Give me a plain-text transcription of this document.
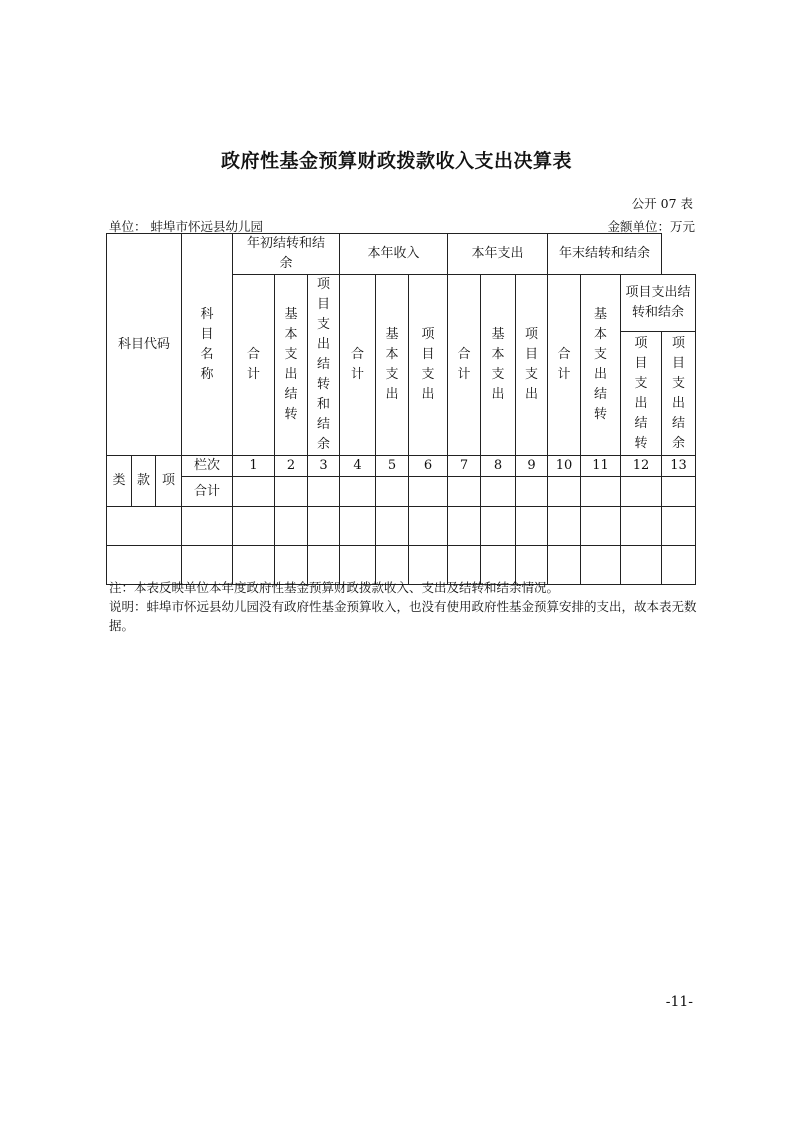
政府性基金预算财政拨款收入支出决算表
公开 07 表
单位： 蚌埠市怀远县幼儿园	金额单位：万元
科目代码			科目名称	年初结转和结余			本年收入			本年支出			年末结转和结余			
				合计	基本支出结转	项目支出结转和结余	合计	基本支出	项目支出	合计	基本支出	项目支出	合计	基本支出结转	项目支出结转和结余	
															项目支出结转	项目支出结余
类	款	项	栏次	1	2	3	4	5	6	7	8	9	10	11	12	13
			合计													

注：本表反映单位本年度政府性基金预算财政拨款收入、支出及结转和结余情况。

说明：蚌埠市怀远县幼儿园没有政府性基金预算收入，也没有使用政府性基金预算安排的支出，故本表无数据。

-11-
